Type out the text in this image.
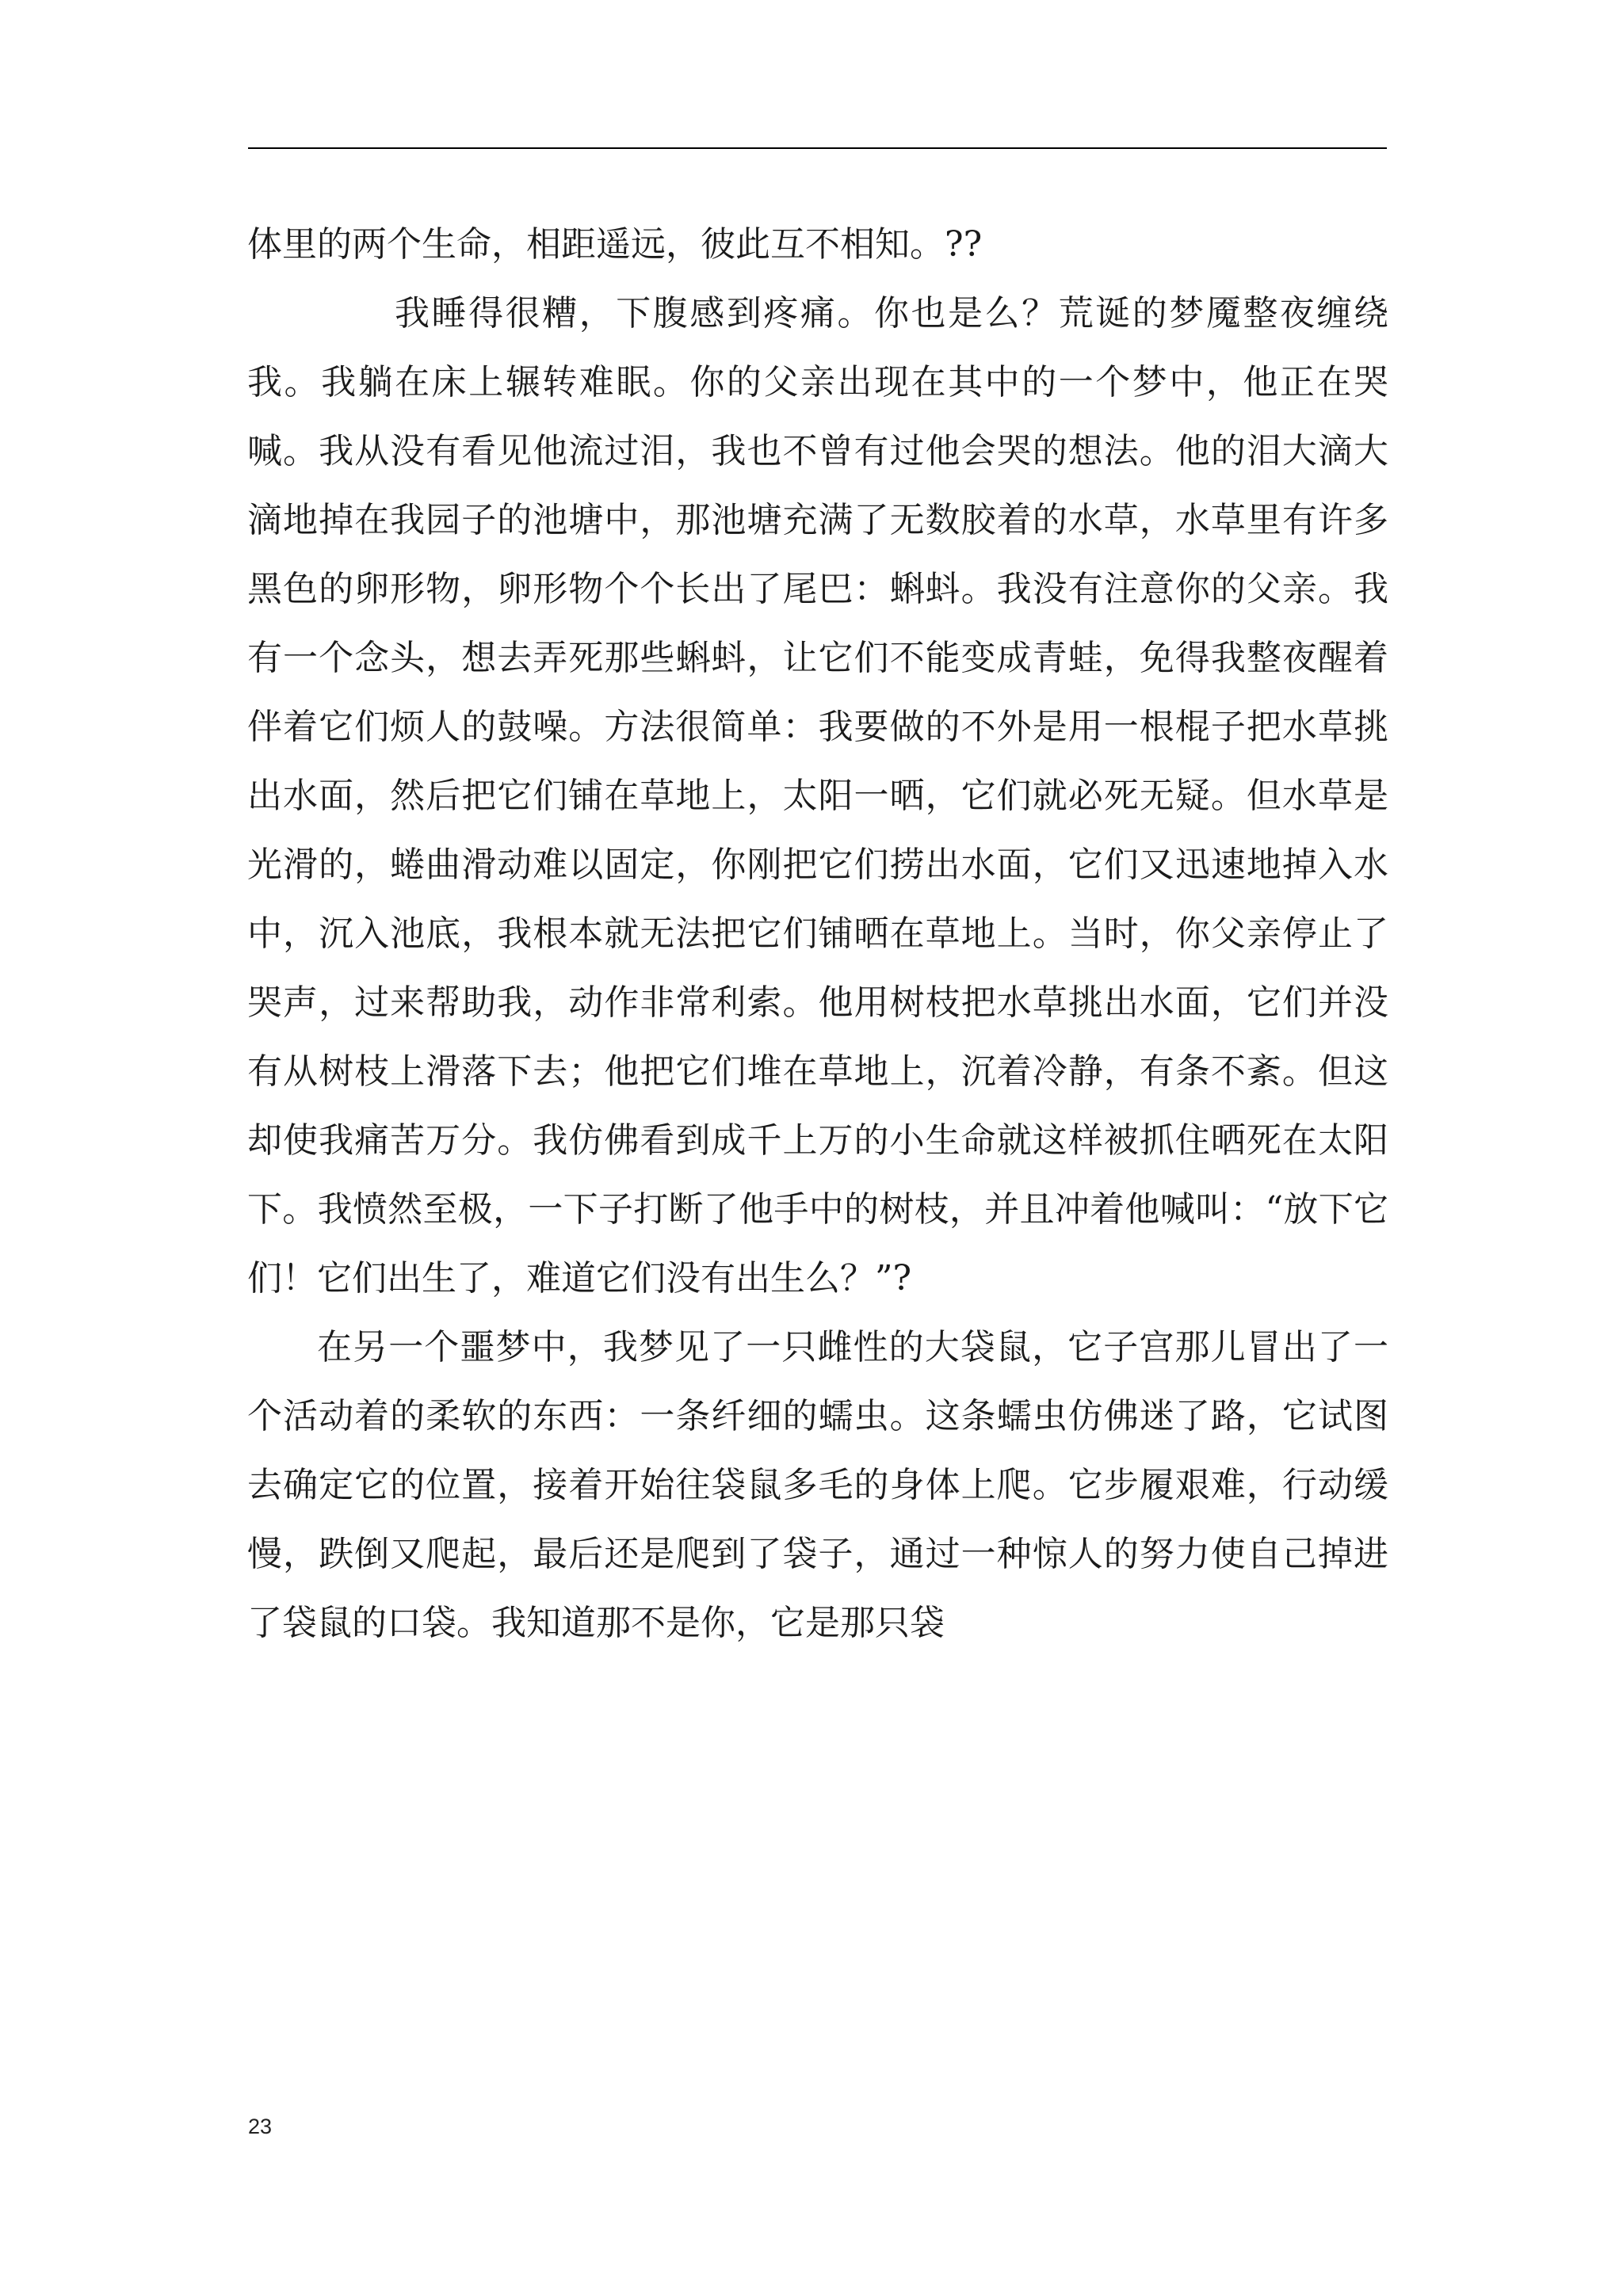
体里的两个生命，相距遥远，彼此互不相知。??

我睡得很糟，下腹感到疼痛。你也是么？荒诞的梦魇整夜缠绕我。我躺在床上辗转难眠。你的父亲出现在其中的一个梦中，他正在哭喊。我从没有看见他流过泪，我也不曾有过他会哭的想法。他的泪大滴大滴地掉在我园子的池塘中，那池塘充满了无数胶着的水草，水草里有许多黑色的卵形物，卵形物个个长出了尾巴：蝌蚪。我没有注意你的父亲。我有一个念头，想去弄死那些蝌蚪，让它们不能变成青蛙，免得我整夜醒着伴着它们烦人的鼓噪。方法很简单：我要做的不外是用一根棍子把水草挑出水面，然后把它们铺在草地上，太阳一晒，它们就必死无疑。但水草是光滑的，蜷曲滑动难以固定，你刚把它们捞出水面，它们又迅速地掉入水中，沉入池底，我根本就无法把它们铺晒在草地上。当时，你父亲停止了哭声，过来帮助我，动作非常利索。他用树枝把水草挑出水面，它们并没有从树枝上滑落下去；他把它们堆在草地上，沉着冷静，有条不紊。但这却使我痛苦万分。我仿佛看到成千上万的小生命就这样被抓住晒死在太阳下。我愤然至极，一下子打断了他手中的树枝，并且冲着他喊叫：“放下它们！它们出生了，难道它们没有出生么？”?

在另一个噩梦中，我梦见了一只雌性的大袋鼠，它子宫那儿冒出了一个活动着的柔软的东西：一条纤细的蠕虫。这条蠕虫仿佛迷了路，它试图去确定它的位置，接着开始往袋鼠多毛的身体上爬。它步履艰难，行动缓慢，跌倒又爬起，最后还是爬到了袋子，通过一种惊人的努力使自己掉进了袋鼠的口袋。我知道那不是你，它是那只袋

23
